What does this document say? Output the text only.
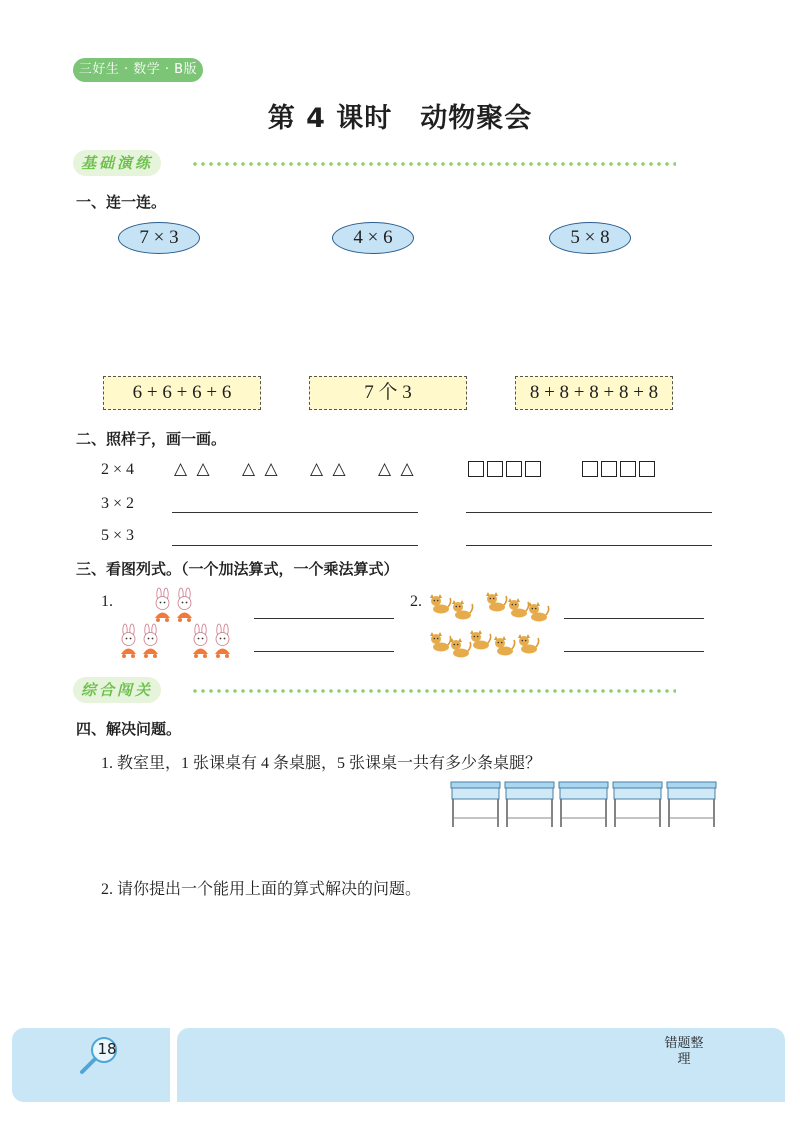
三好生 · 数学 · B版
第 4 课时　动物聚会
基础演练
一、连一连。
7 × 3	4 × 6	5 × 8
6 + 6 + 6 + 6	7 个 3	8 + 8 + 8 + 8 + 8
二、照样子，画一画。
2 × 4 △ △ △ △ △ △ △ △
3 × 2
5 × 3
三、看图列式。（一个加法算式，一个乘法算式）
1.	2.
综合闯关
四、解决问题。
1. 教室里，1 张课桌有 4 条桌腿，5 张课桌一共有多少条桌腿？
2. 请你提出一个能用上面的算式解决的问题。
18	错题整理
